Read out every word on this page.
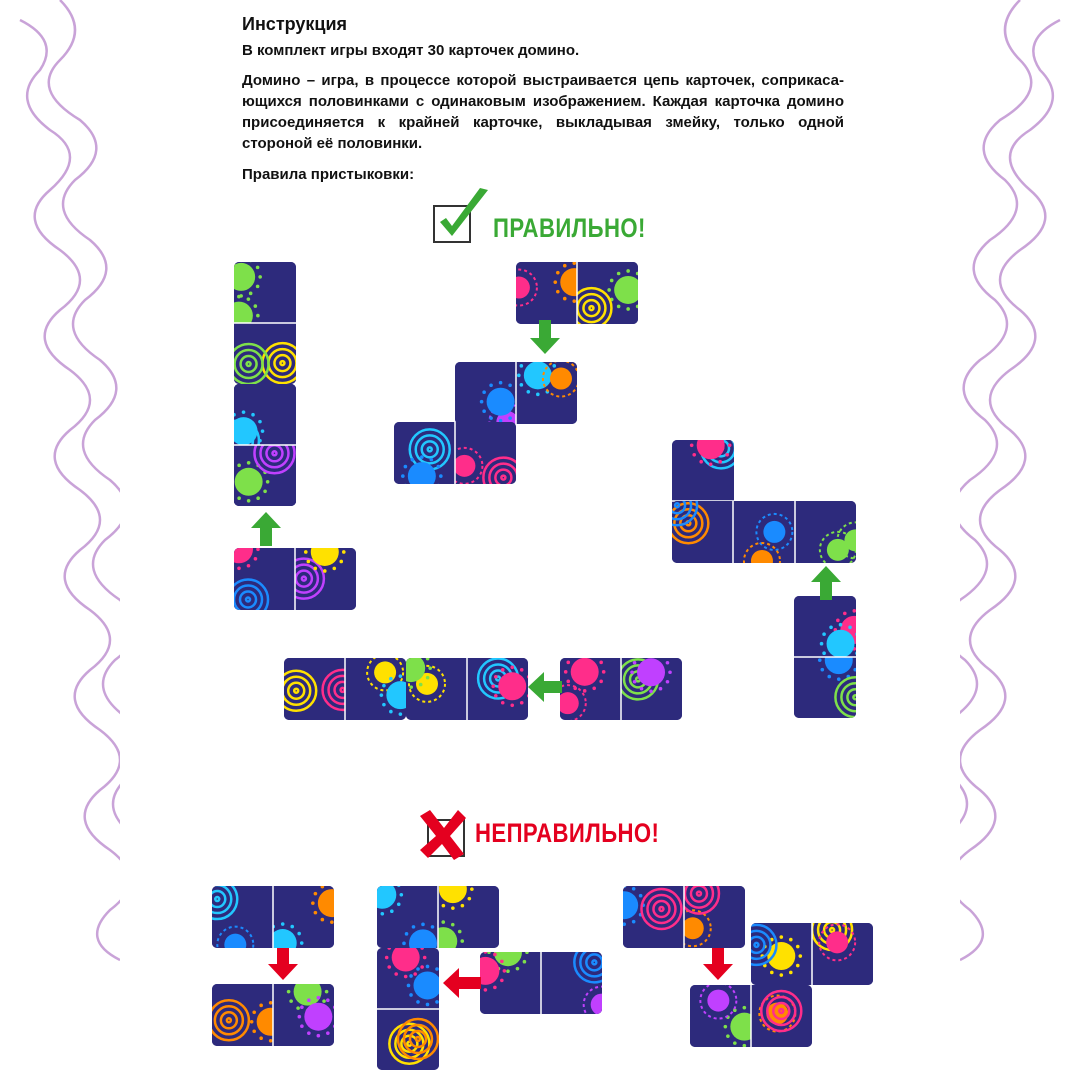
Инструкция

В комплект игры входят 30 карточек домино.

Домино – игра, в процессе которой выстраивается цепь карточек, соприкаса-ющихся половинками с одинаковым изображением. Каждая карточка домино присоединяется к крайней карточке, выкладывая змейку, только одной стороной её половинки.

Правила пристыковки:

ПРАВИЛЬНО!
НЕПРАВИЛЬНО!
